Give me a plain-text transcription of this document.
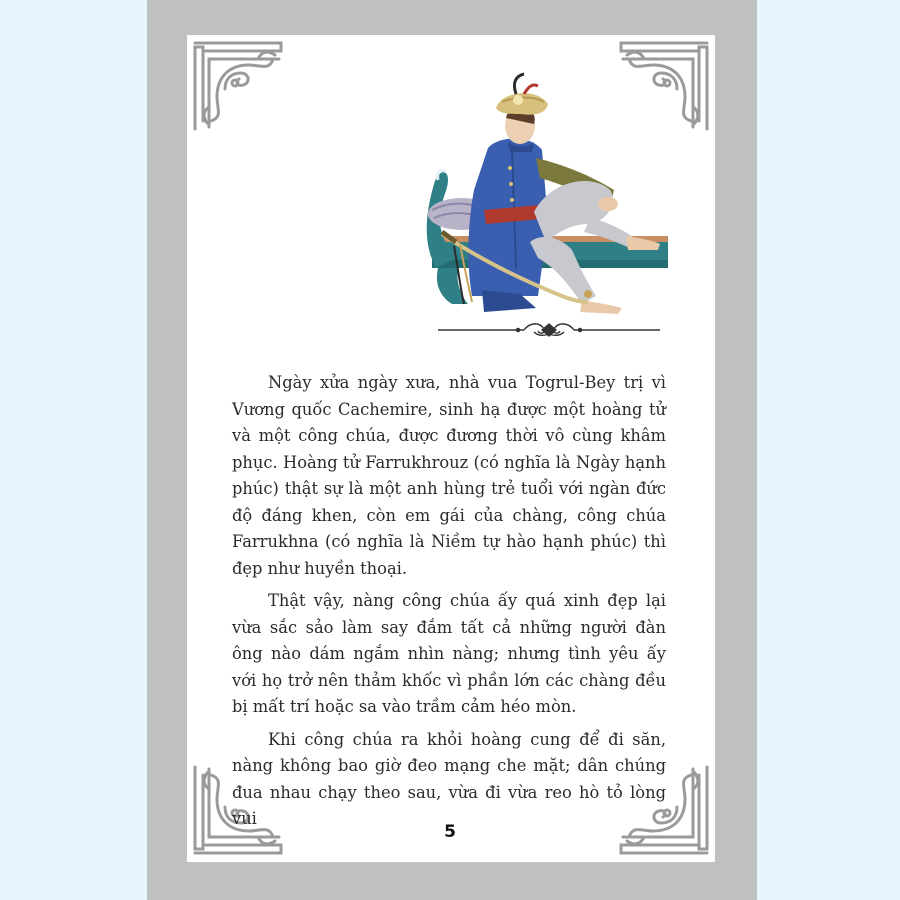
Ngày xửa ngày xưa, nhà vua Togrul-Bey trị vì Vương quốc Cachemire, sinh hạ được một hoàng tử và một công chúa, được đương thời vô cùng khâm phục. Hoàng tử Farrukhrouz (có nghĩa là Ngày hạnh phúc) thật sự là một anh hùng trẻ tuổi với ngàn đức độ đáng khen, còn em gái của chàng, công chúa Farrukhna (có nghĩa là Niềm tự hào hạnh phúc) thì đẹp như huyền thoại.

Thật vậy, nàng công chúa ấy quá xinh đẹp lại vừa sắc sảo làm say đắm tất cả những người đàn ông nào dám ngắm nhìn nàng; nhưng tình yêu ấy với họ trở nên thảm khốc vì phần lớn các chàng đều bị mất trí hoặc sa vào trầm cảm héo mòn.

Khi công chúa ra khỏi hoàng cung để đi săn, nàng không bao giờ đeo mạng che mặt; dân chúng đua nhau chạy theo sau, vừa đi vừa reo hò tỏ lòng vui

5
